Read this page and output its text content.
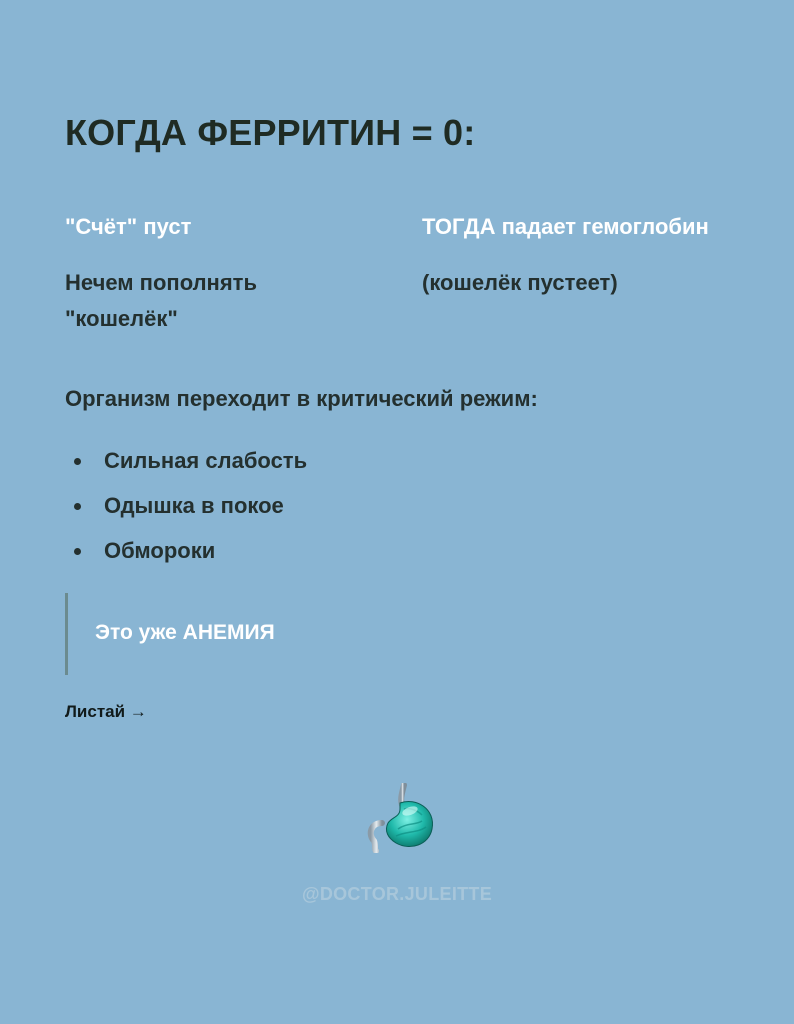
КОГДА ФЕРРИТИН = 0:

"Счёт" пуст

Нечем пополнять "кошелёк"

ТОГДА падает гемоглобин

(кошелёк пустеет)

Организм переходит в критический режим:
Сильная слабость
Одышка в покое
Обмороки
Это уже АНЕМИЯ
Листай →
@DOCTOR.JULEITTE
